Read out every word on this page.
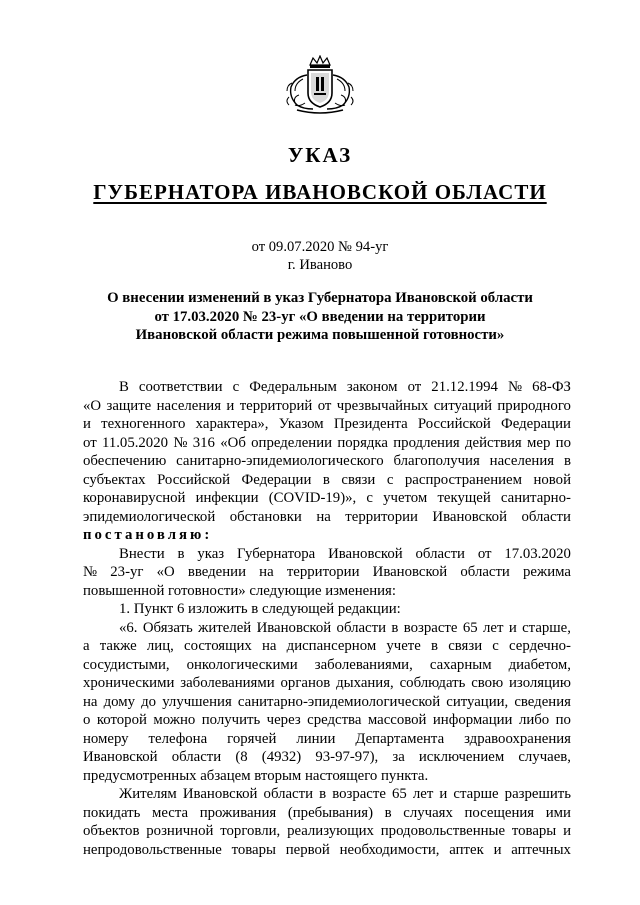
УКАЗ
ГУБЕРНАТОРА ИВАНОВСКОЙ ОБЛАСТИ
от 09.07.2020 № 94-уг
г. Иваново
О внесении изменений в указ Губернатора Ивановской области
от 17.03.2020 № 23-уг «О введении на территории
Ивановской области режима повышенной готовности»
В соответствии с Федеральным законом от 21.12.1994 № 68-ФЗ
«О защите населения и территорий от чрезвычайных ситуаций природного
и техногенного характера», Указом Президента Российской Федерации
от 11.05.2020 № 316 «Об определении порядка продления действия мер по
обеспечению санитарно-эпидемиологического благополучия населения в
субъектах Российской Федерации в связи с распространением новой
коронавирусной инфекции (COVID-19)», с учетом текущей санитарно-
эпидемиологической обстановки на территории Ивановской области
постановляю :
Внести в указ Губернатора Ивановской области от 17.03.2020
№ 23-уг «О введении на территории Ивановской области режима
повышенной готовности» следующие изменения:
1. Пункт 6 изложить в следующей редакции:
«6. Обязать жителей Ивановской области в возрасте 65 лет и старше,
а также лиц, состоящих на диспансерном учете в связи с сердечно-
сосудистыми, онкологическими заболеваниями, сахарным диабетом,
хроническими заболеваниями органов дыхания, соблюдать свою изоляцию
на дому до улучшения санитарно-эпидемиологической ситуации, сведения
о которой можно получить через средства массовой информации либо по
номеру телефона горячей линии Департамента здравоохранения
Ивановской области (8 (4932) 93-97-97), за исключением случаев,
предусмотренных абзацем вторым настоящего пункта.
Жителям Ивановской области в возрасте 65 лет и старше разрешить
покидать места проживания (пребывания) в случаях посещения ими
объектов розничной торговли, реализующих продовольственные товары и
непродовольственные товары первой необходимости, аптек и аптечных
